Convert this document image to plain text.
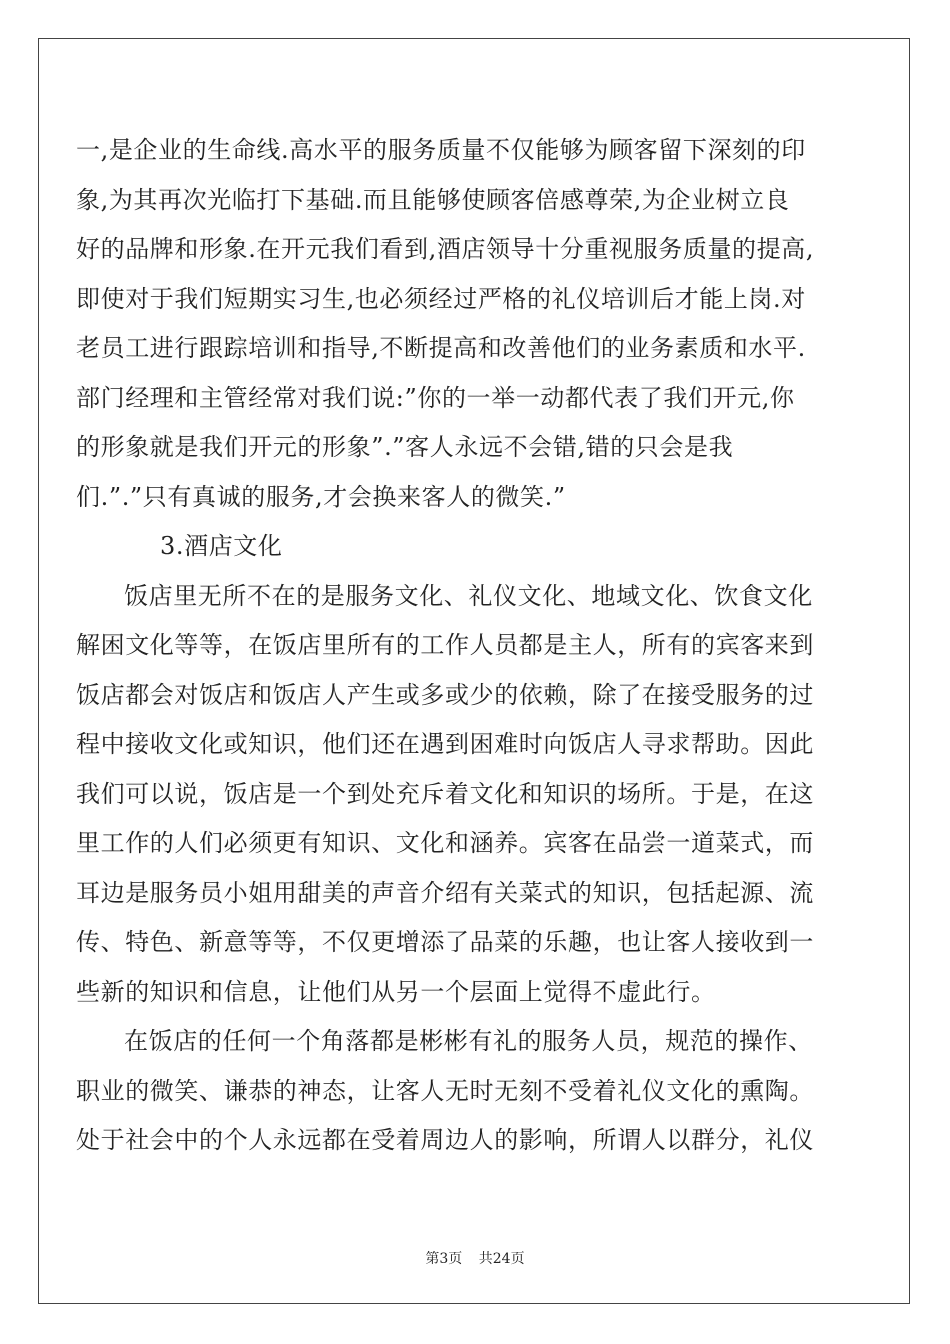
一,是企业的生命线.高水平的服务质量不仅能够为顾客留下深刻的印
象,为其再次光临打下基础.而且能够使顾客倍感尊荣,为企业树立良
好的品牌和形象.在开元我们看到,酒店领导十分重视服务质量的提高,
即使对于我们短期实习生,也必须经过严格的礼仪培训后才能上岗.对
老员工进行跟踪培训和指导,不断提高和改善他们的业务素质和水平.
部门经理和主管经常对我们说:”你的一举一动都代表了我们开元,你
的形象就是我们开元的形象”.”客人永远不会错,错的只会是我
们.”.”只有真诚的服务,才会换来客人的微笑.”
3.酒店文化
饭店里无所不在的是服务文化、礼仪文化、地域文化、饮食文化
解困文化等等，在饭店里所有的工作人员都是主人，所有的宾客来到
饭店都会对饭店和饭店人产生或多或少的依赖，除了在接受服务的过
程中接收文化或知识，他们还在遇到困难时向饭店人寻求帮助。因此
我们可以说，饭店是一个到处充斥着文化和知识的场所。于是，在这
里工作的人们必须更有知识、文化和涵养。宾客在品尝一道菜式，而
耳边是服务员小姐用甜美的声音介绍有关菜式的知识，包括起源、流
传、特色、新意等等，不仅更增添了品菜的乐趣，也让客人接收到一
些新的知识和信息，让他们从另一个层面上觉得不虚此行。
在饭店的任何一个角落都是彬彬有礼的服务人员，规范的操作、
职业的微笑、谦恭的神态，让客人无时无刻不受着礼仪文化的熏陶。
处于社会中的个人永远都在受着周边人的影响，所谓人以群分，礼仪
第3页 共24页
